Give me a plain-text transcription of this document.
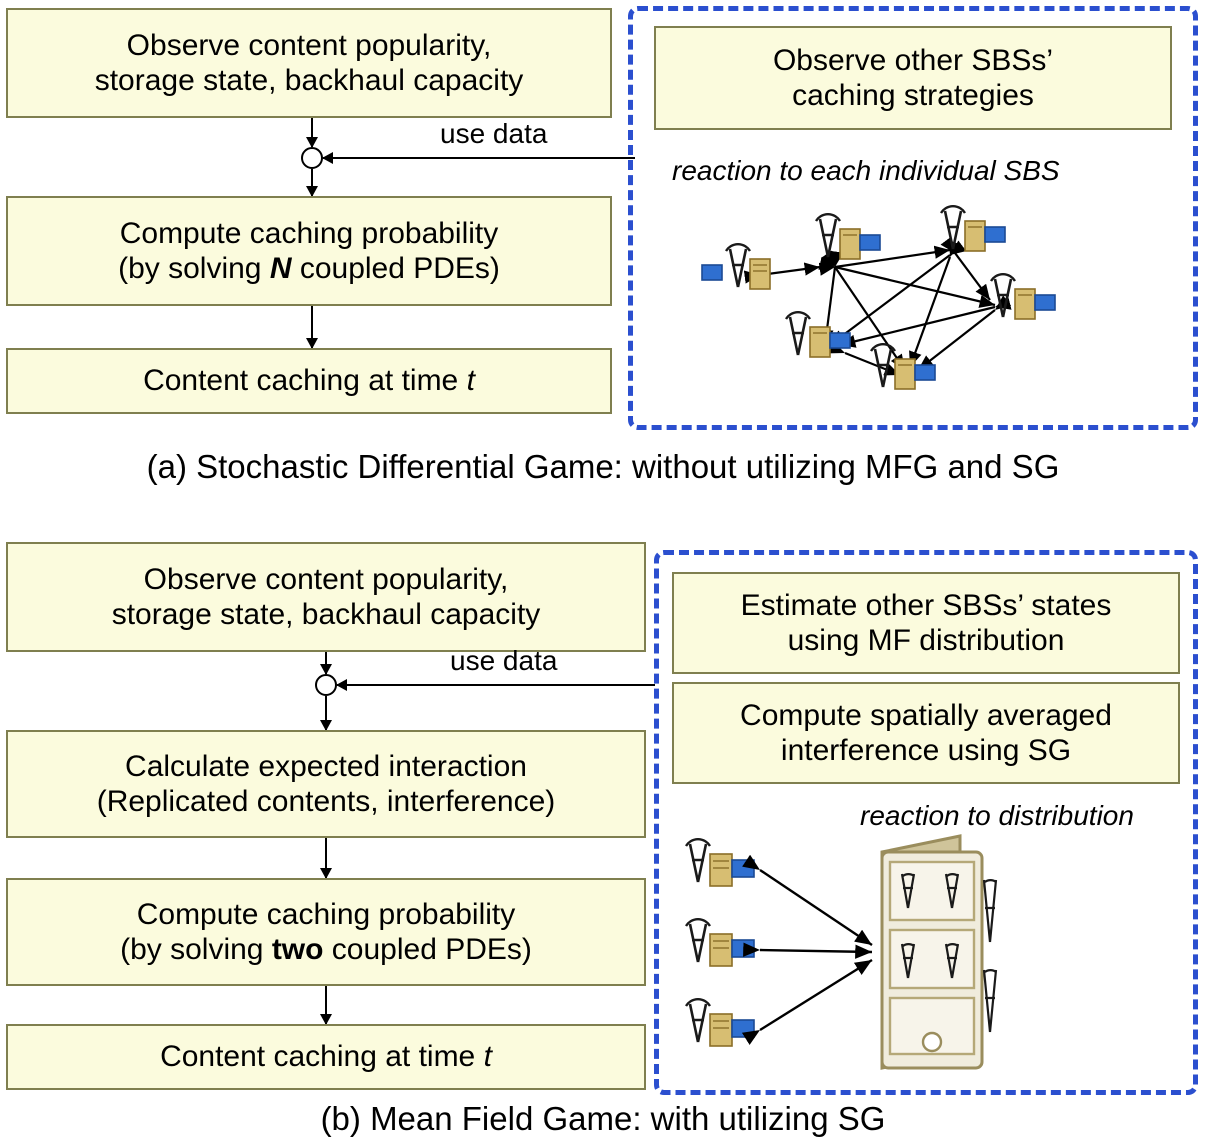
Observe content popularity,
storage state, backhaul capacity
use data
Compute caching probability
(by solving N coupled PDEs)
Content caching at time t
Observe other SBSs’
caching strategies
reaction to each individual SBS
(a) Stochastic Differential Game: without utilizing MFG and SG
Observe content popularity,
storage state, backhaul capacity
use data
Calculate expected interaction
(Replicated contents, interference)
Compute caching probability
(by solving two coupled PDEs)
Content caching at time t
Estimate other SBSs’ states
using MF distribution
Compute spatially averaged
interference using SG
reaction to distribution
(b) Mean Field Game: with utilizing SG
